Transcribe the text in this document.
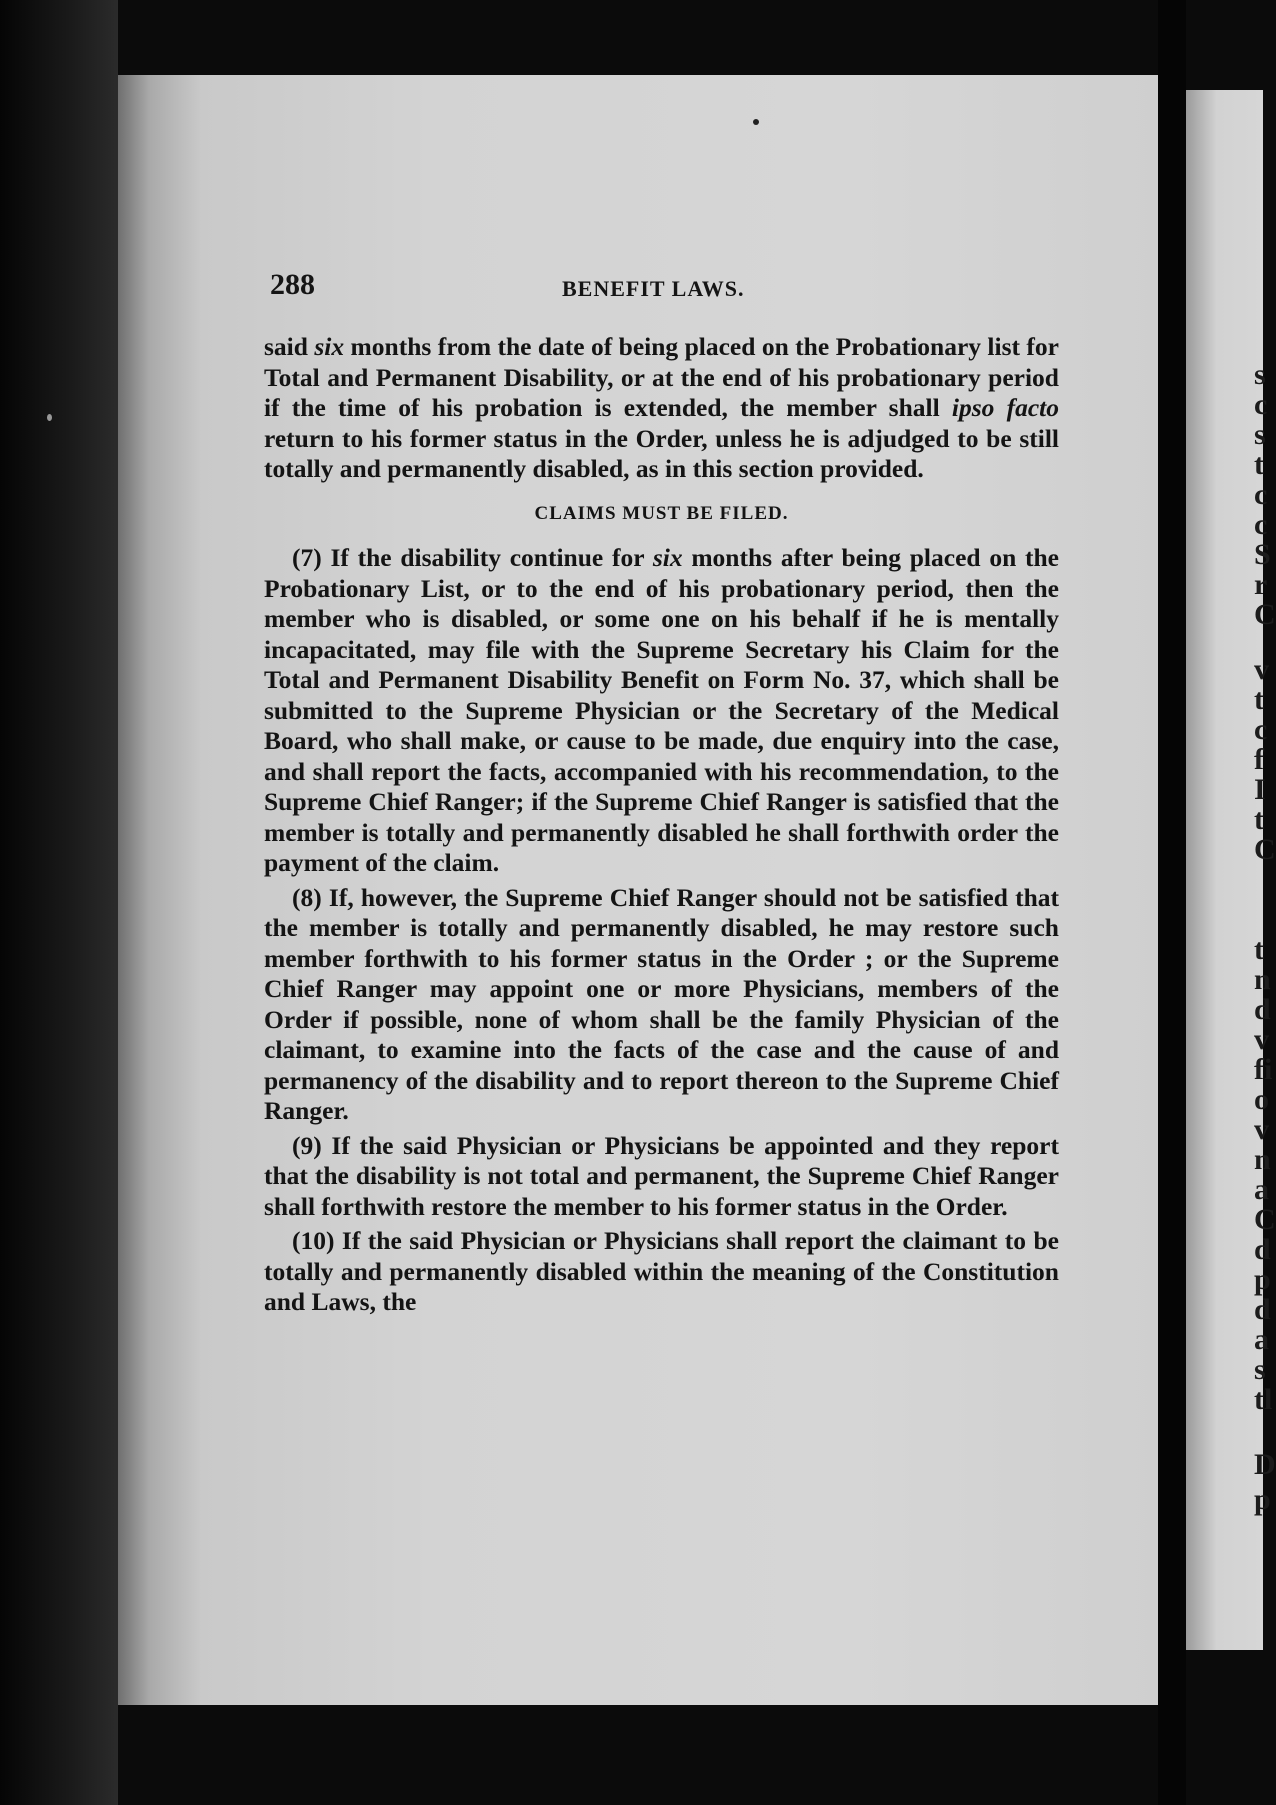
s
c
s
t
c
c
S
r
C
v
t
c
f
I
t
C
t
n
d
v
fi
o
v
n
a
C
d
p
d
a
s
tl
D
p
288	BENEFIT LAWS.

said six months from the date of being placed on the Probationary list for Total and Permanent Disability, or at the end of his probationary period if the time of his probation is extended, the member shall ipso facto return to his former status in the Order, unless he is adjudged to be still totally and permanently disabled, as in this section provided.

CLAIMS MUST BE FILED.

(7) If the disability continue for six months after being placed on the Probationary List, or to the end of his probationary period, then the member who is disabled, or some one on his behalf if he is mentally incapacitated, may file with the Supreme Secretary his Claim for the Total and Permanent Disability Benefit on Form No. 37, which shall be submitted to the Supreme Physician or the Secretary of the Medical Board, who shall make, or cause to be made, due enquiry into the case, and shall report the facts, accompanied with his recommendation, to the Supreme Chief Ranger; if the Supreme Chief Ranger is satisfied that the member is totally and permanently disabled he shall forthwith order the payment of the claim.

(8) If, however, the Supreme Chief Ranger should not be satisfied that the member is totally and permanently disabled, he may restore such member forthwith to his former status in the Order ; or the Supreme Chief Ranger may appoint one or more Physicians, members of the Order if possible, none of whom shall be the family Physician of the claimant, to examine into the facts of the case and the cause of and permanency of the disability and to report thereon to the Supreme Chief Ranger.

(9) If the said Physician or Physicians be appointed and they report that the disability is not total and permanent, the Supreme Chief Ranger shall forthwith restore the member to his former status in the Order.

(10) If the said Physician or Physicians shall report the claimant to be totally and permanently disabled within the meaning of the Constitution and Laws, the
